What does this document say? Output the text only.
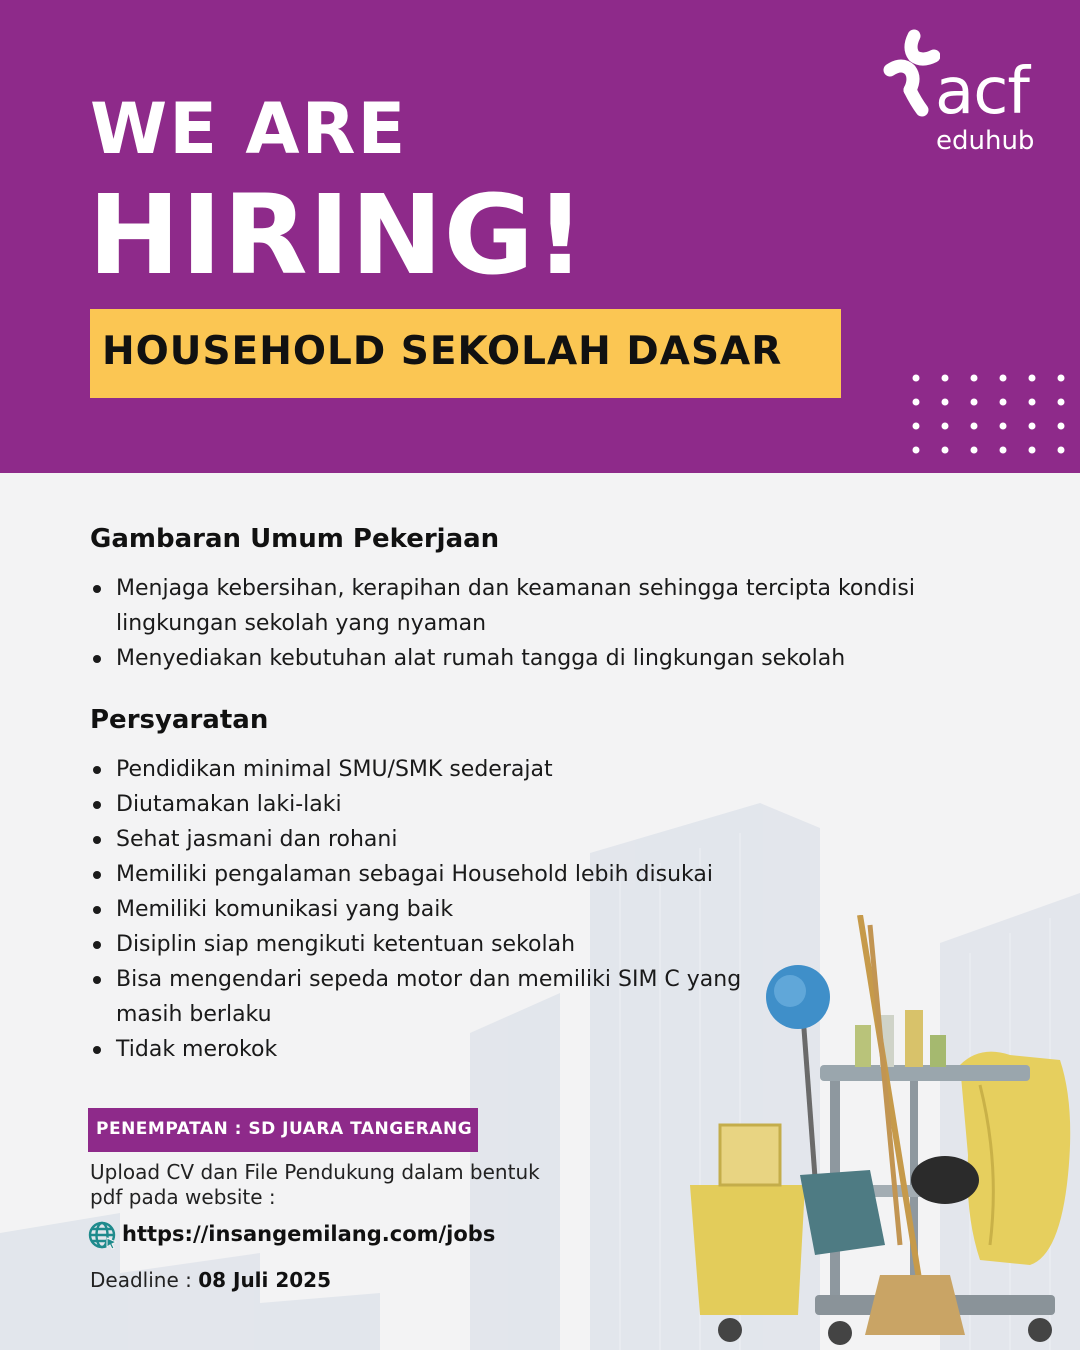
WE ARE
HIRING!
HOUSEHOLD SEKOLAH DASAR
acf
eduhub
Gambaran Umum Pekerjaan
Menjaga kebersihan, kerapihan dan keamanan sehingga tercipta kondisi lingkungan sekolah yang nyaman
Menyediakan kebutuhan alat rumah tangga di lingkungan sekolah
Persyaratan
Pendidikan minimal SMU/SMK sederajat
Diutamakan laki-laki
Sehat jasmani dan rohani
Memiliki pengalaman sebagai Household lebih disukai
Memiliki komunikasi yang baik
Disiplin siap mengikuti ketentuan sekolah
Bisa mengendari sepeda motor dan memiliki SIM C yang masih berlaku
Tidak merokok
PENEMPATAN : SD JUARA TANGERANG
Upload CV dan File Pendukung dalam bentuk pdf pada website :
https://insangemilang.com/jobs
Deadline : 08 Juli 2025
